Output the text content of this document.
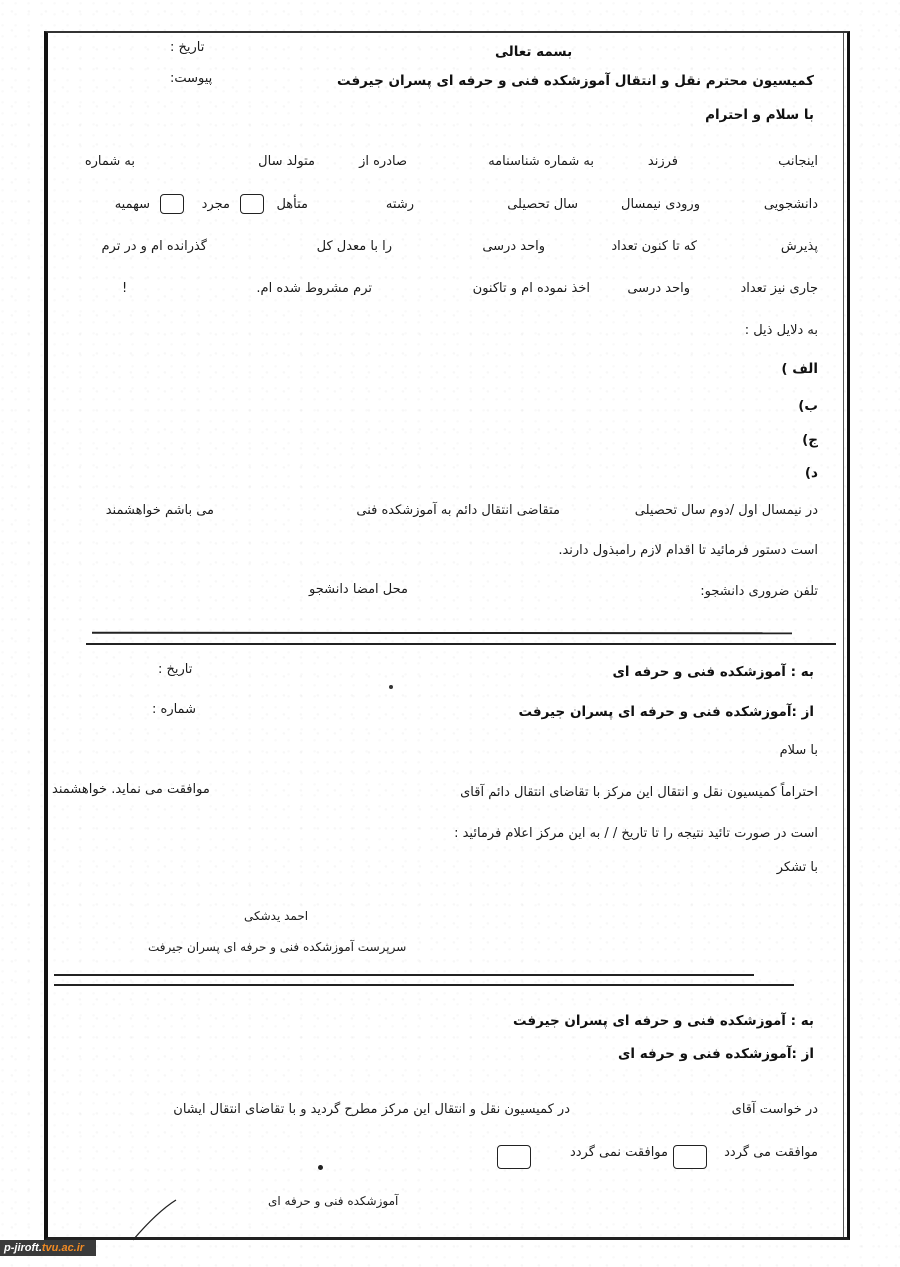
بسمه تعالی
تاریخ :
پیوست:	کمیسیون محترم نقل و انتقال آموزشکده فنی و حرفه ای پسران جیرفت
با سلام و احترام
اینجانب
فرزند
به شماره شناسنامه
صادره از
متولد سال
به شماره
دانشجویی
ورودی نیمسال
سال تحصیلی
رشته
متأهل
مجرد
سهمیه
پذیرش
که تا کنون تعداد
واحد درسی
را با معدل کل
گذرانده ام و در ترم
جاری نیز تعداد
واحد درسی
اخذ نموده ام و تاکنون
ترم مشروط شده ام.
!
به دلایل ذیل :
الف )
ب)
ج)
د)
در نیمسال اول /دوم سال تحصیلی
متقاضی انتقال دائم به آموزشکده فنی
می باشم خواهشمند
است دستور فرمائید تا اقدام لازم رامبذول دارند.
تلفن ضروری دانشجو:
محل امضا دانشجو
به : آموزشکده فنی و حرفه ای
تاریخ :
از :آموزشکده فنی و حرفه ای پسران جیرفت
شماره :
با سلام
احتراماً کمیسیون نقل و انتقال این مرکز با تقاضای انتقال دائم آقای
موافقت می نماید. خواهشمند
است در صورت تائید نتیجه را تا تاریخ / / به این مرکز اعلام فرمائید :
با تشکر
احمد یدشکی
سرپرست آموزشکده فنی و حرفه ای پسران جیرفت
به : آموزشکده فنی و حرفه ای پسران جیرفت
از :آموزشکده فنی و حرفه ای
در خواست آقای
در کمیسیون نقل و انتقال این مرکز مطرح گردید و با تقاضای انتقال ایشان
موافقت می گردد
موافقت نمی گردد
آموزشکده فنی و حرفه ای
p-jiroft.tvu.ac.ir
